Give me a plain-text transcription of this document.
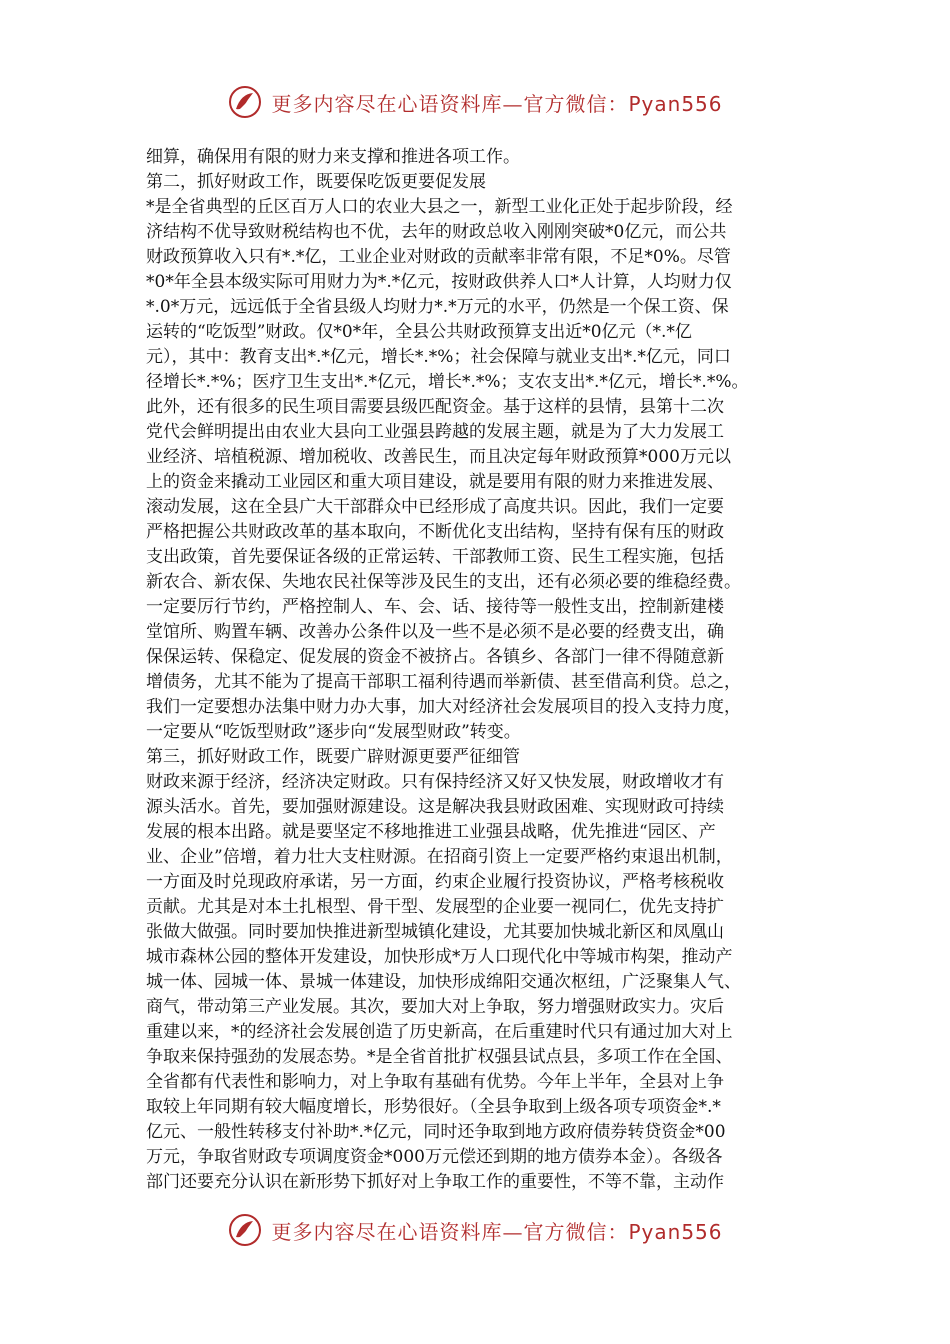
更多内容尽在心语资料库—官方微信：Pyan556
细算，确保用有限的财力来支撑和推进各项工作。
第二，抓好财政工作，既要保吃饭更要促发展
*是全省典型的丘区百万人口的农业大县之一，新型工业化正处于起步阶段，经
济结构不优导致财税结构也不优，去年的财政总收入刚刚突破*0亿元，而公共
财政预算收入只有*.*亿，工业企业对财政的贡献率非常有限，不足*0%。尽管
*0*年全县本级实际可用财力为*.*亿元，按财政供养人口*人计算，人均财力仅
*.0*万元，远远低于全省县级人均财力*.*万元的水平，仍然是一个保工资、保
运转的“吃饭型”财政。仅*0*年，全县公共财政预算支出近*0亿元（*.*亿
元），其中：教育支出*.*亿元，增长*.*%；社会保障与就业支出*.*亿元，同口
径增长*.*%；医疗卫生支出*.*亿元，增长*.*%；支农支出*.*亿元，增长*.*%。
此外，还有很多的民生项目需要县级匹配资金。基于这样的县情，县第十二次
党代会鲜明提出由农业大县向工业强县跨越的发展主题，就是为了大力发展工
业经济、培植税源、增加税收、改善民生，而且决定每年财政预算*000万元以
上的资金来撬动工业园区和重大项目建设，就是要用有限的财力来推进发展、
滚动发展，这在全县广大干部群众中已经形成了高度共识。因此，我们一定要
严格把握公共财政改革的基本取向，不断优化支出结构，坚持有保有压的财政
支出政策，首先要保证各级的正常运转、干部教师工资、民生工程实施，包括
新农合、新农保、失地农民社保等涉及民生的支出，还有必须必要的维稳经费。
一定要厉行节约，严格控制人、车、会、话、接待等一般性支出，控制新建楼
堂馆所、购置车辆、改善办公条件以及一些不是必须不是必要的经费支出，确
保保运转、保稳定、促发展的资金不被挤占。各镇乡、各部门一律不得随意新
增债务，尤其不能为了提高干部职工福利待遇而举新债、甚至借高利贷。总之，
我们一定要想办法集中财力办大事，加大对经济社会发展项目的投入支持力度，
一定要从“吃饭型财政”逐步向“发展型财政”转变。
第三，抓好财政工作，既要广辟财源更要严征细管
财政来源于经济，经济决定财政。只有保持经济又好又快发展，财政增收才有
源头活水。首先，要加强财源建设。这是解决我县财政困难、实现财政可持续
发展的根本出路。就是要坚定不移地推进工业强县战略，优先推进“园区、产
业、企业”倍增，着力壮大支柱财源。在招商引资上一定要严格约束退出机制，
一方面及时兑现政府承诺，另一方面，约束企业履行投资协议，严格考核税收
贡献。尤其是对本土扎根型、骨干型、发展型的企业要一视同仁，优先支持扩
张做大做强。同时要加快推进新型城镇化建设，尤其要加快城北新区和凤凰山
城市森林公园的整体开发建设，加快形成*万人口现代化中等城市构架，推动产
城一体、园城一体、景城一体建设，加快形成绵阳交通次枢纽，广泛聚集人气、
商气，带动第三产业发展。其次，要加大对上争取，努力增强财政实力。灾后
重建以来，*的经济社会发展创造了历史新高，在后重建时代只有通过加大对上
争取来保持强劲的发展态势。*是全省首批扩权强县试点县，多项工作在全国、
全省都有代表性和影响力，对上争取有基础有优势。今年上半年，全县对上争
取较上年同期有较大幅度增长，形势很好。（全县争取到上级各项专项资金*.*
亿元、一般性转移支付补助*.*亿元，同时还争取到地方政府债券转贷资金*00
万元，争取省财政专项调度资金*000万元偿还到期的地方债券本金）。各级各
部门还要充分认识在新形势下抓好对上争取工作的重要性，不等不靠，主动作
更多内容尽在心语资料库—官方微信：Pyan556
